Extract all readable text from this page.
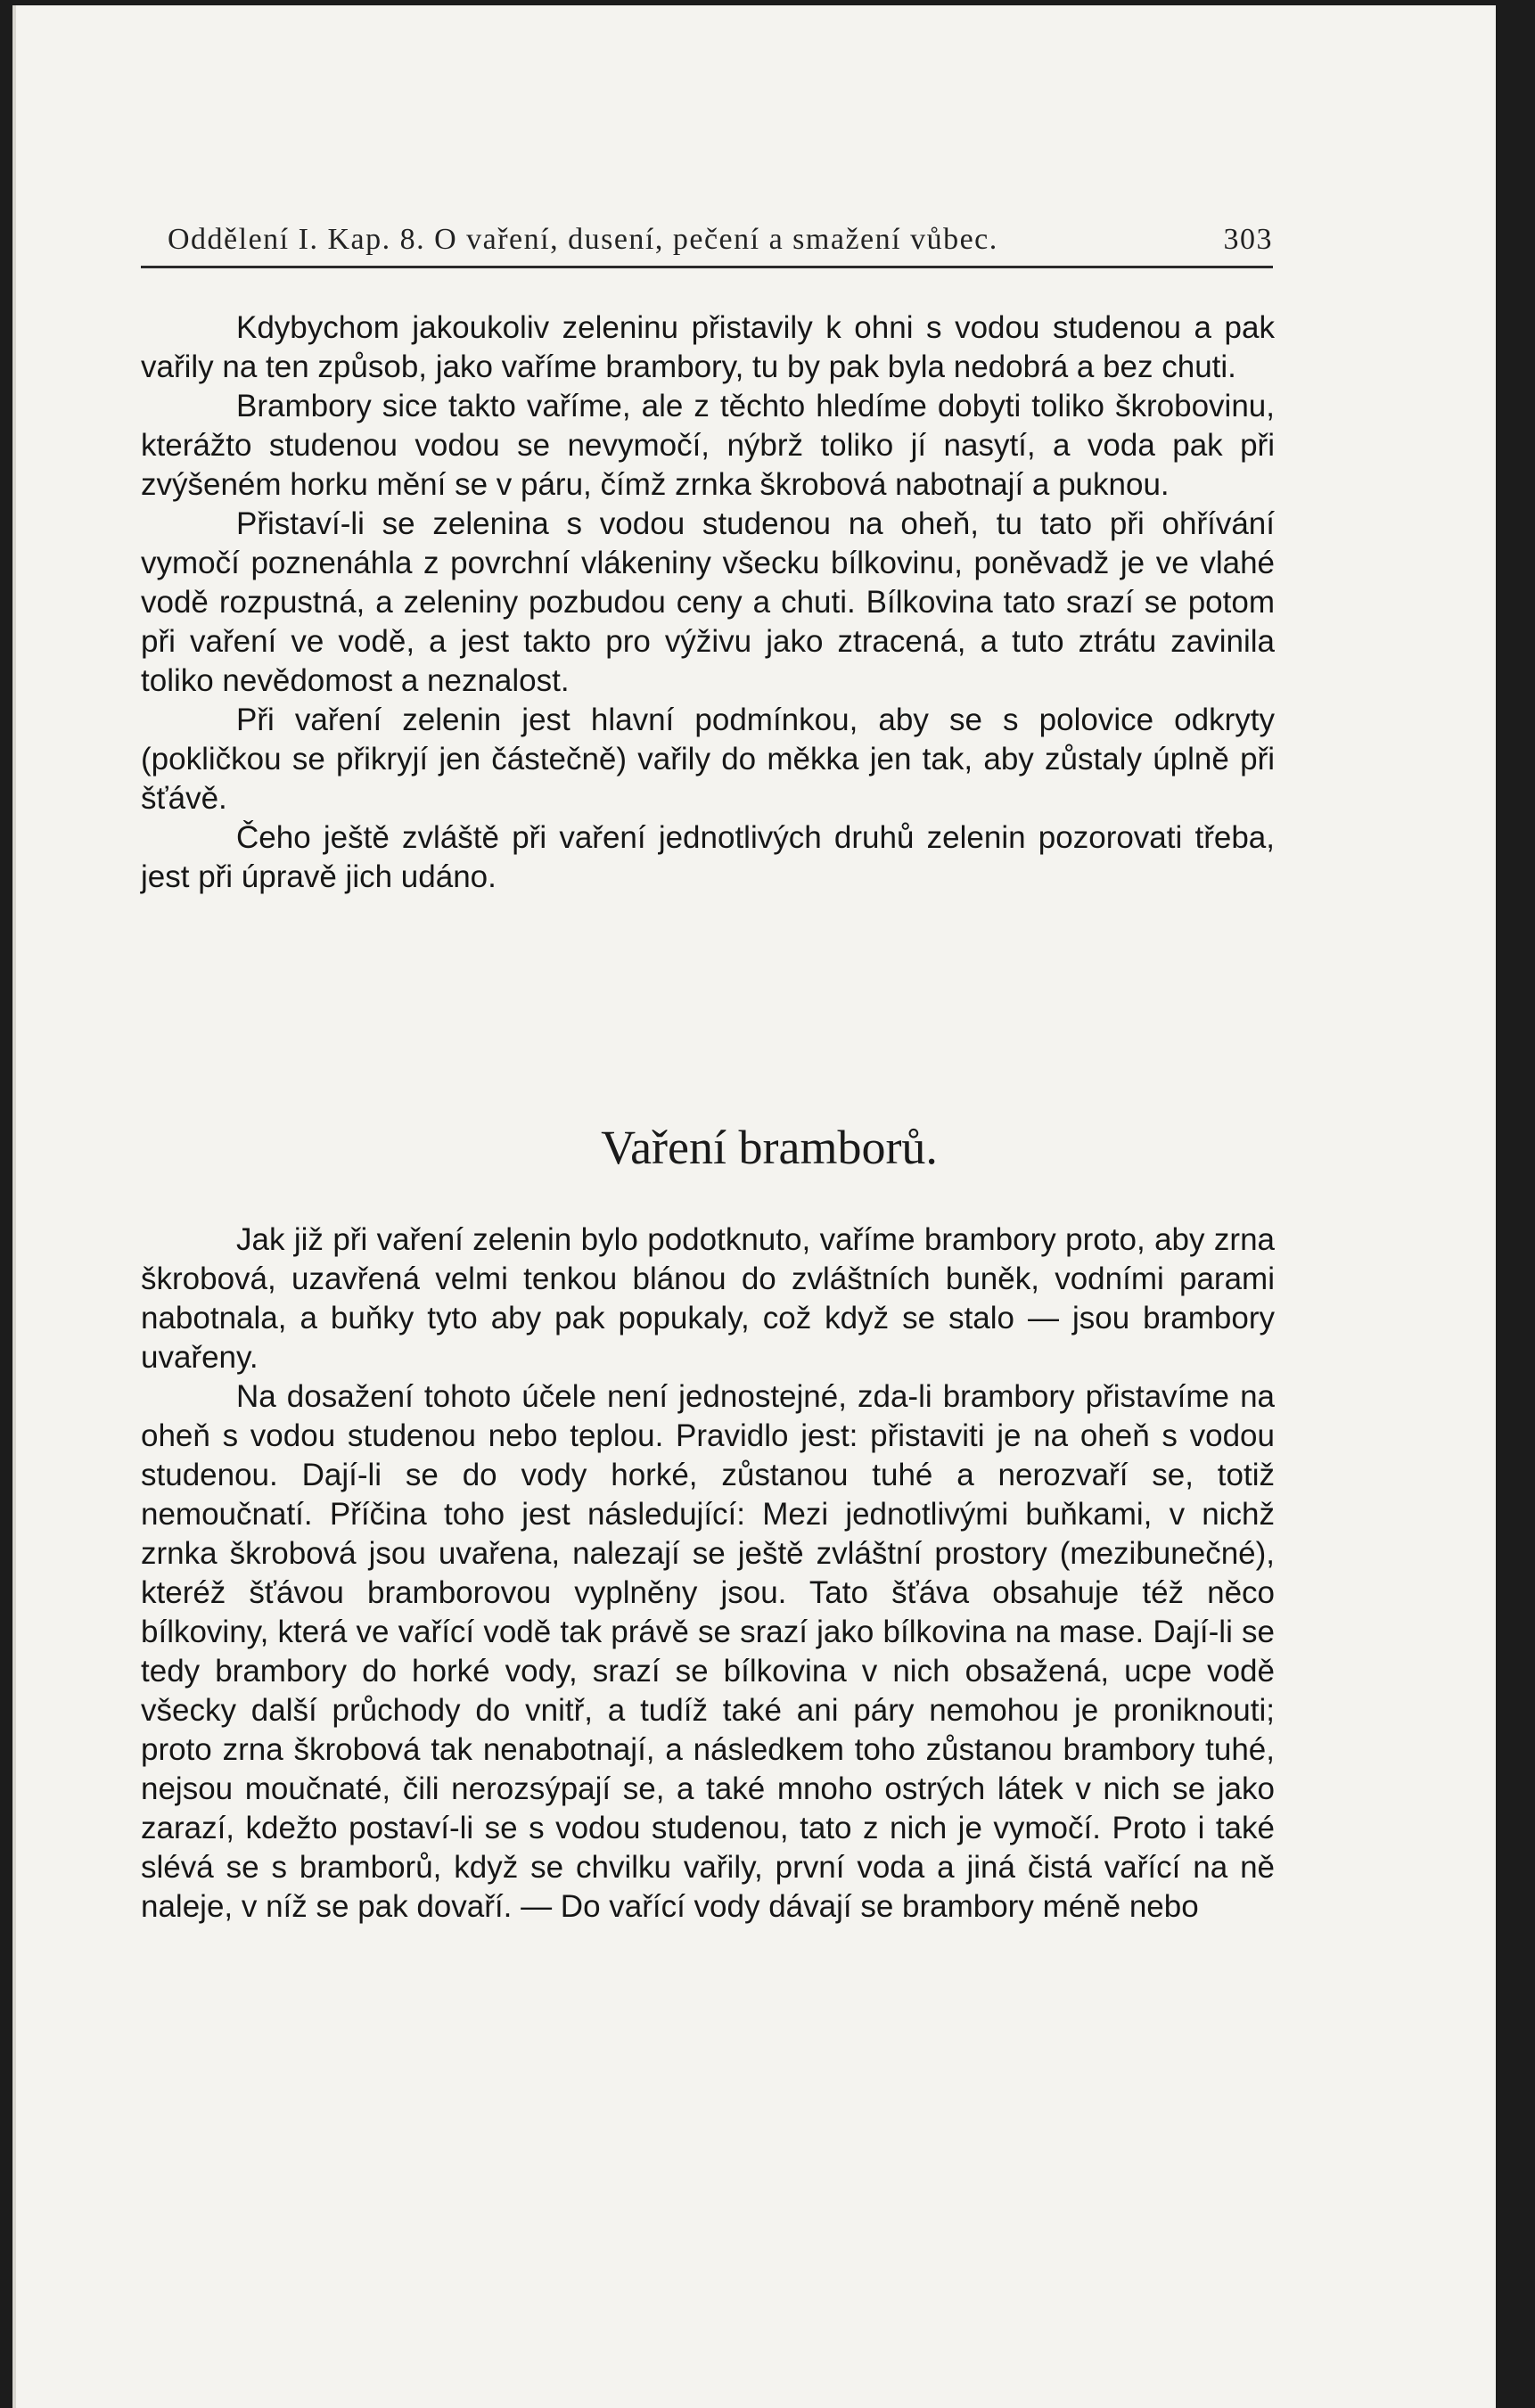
Oddělení I. Kap. 8. O vaření, dusení, pečení a smažení vůbec.	303

Kdybychom jakoukoliv zeleninu přistavily k ohni s vodou studenou a pak vařily na ten způsob, jako vaříme brambory, tu by pak byla nedobrá a bez chuti.

Brambory sice takto vaříme, ale z těchto hledíme dobyti toliko škrobovinu, kterážto studenou vodou se nevymočí, nýbrž toliko jí nasytí, a voda pak při zvýšeném horku mění se v páru, čímž zrnka škrobová nabotnají a puknou.

Přistaví-li se zelenina s vodou studenou na oheň, tu tato při ohřívání vymočí poznenáhla z povrchní vlákeniny všecku bílkovinu, poněvadž je ve vlahé vodě rozpustná, a zeleniny pozbudou ceny a chuti. Bílkovina tato srazí se potom při vaření ve vodě, a jest takto pro výživu jako ztracená, a tuto ztrátu zavinila toliko nevědomost a neznalost.

Při vaření zelenin jest hlavní podmínkou, aby se s polovice odkryty (pokličkou se přikryjí jen částečně) vařily do měkka jen tak, aby zůstaly úplně při šťávě.

Čeho ještě zvláště při vaření jednotlivých druhů zelenin pozorovati třeba, jest při úpravě jich udáno.

Vaření bramborů.

Jak již při vaření zelenin bylo podotknuto, vaříme brambory proto, aby zrna škrobová, uzavřená velmi tenkou blánou do zvláštních buněk, vodními parami nabotnala, a buňky tyto aby pak popukaly, což když se stalo — jsou brambory uvařeny.

Na dosažení tohoto účele není jednostejné, zda-li brambory přistavíme na oheň s vodou studenou nebo teplou. Pravidlo jest: přistaviti je na oheň s vodou studenou. Dají-li se do vody horké, zůstanou tuhé a nerozvaří se, totiž nemoučnatí. Příčina toho jest následující: Mezi jednotlivými buňkami, v nichž zrnka škrobová jsou uvařena, nalezají se ještě zvláštní prostory (mezibunečné), kteréž šťávou bramborovou vyplněny jsou. Tato šťáva obsahuje též něco bílkoviny, která ve vařící vodě tak právě se srazí jako bílkovina na mase. Dají-li se tedy brambory do horké vody, srazí se bílkovina v nich obsažená, ucpe vodě všecky další průchody do vnitř, a tudíž také ani páry nemohou je proniknouti; proto zrna škrobová tak nenabotnají, a následkem toho zůstanou brambory tuhé, nejsou moučnaté, čili nerozsýpají se, a také mnoho ostrých látek v nich se jako zarazí, kdežto postaví-li se s vodou studenou, tato z nich je vymočí. Proto i také slévá se s bramborů, když se chvilku vařily, první voda a jiná čistá vařící na ně naleje, v níž se pak dovaří. — Do vařící vody dávají se brambory méně nebo
